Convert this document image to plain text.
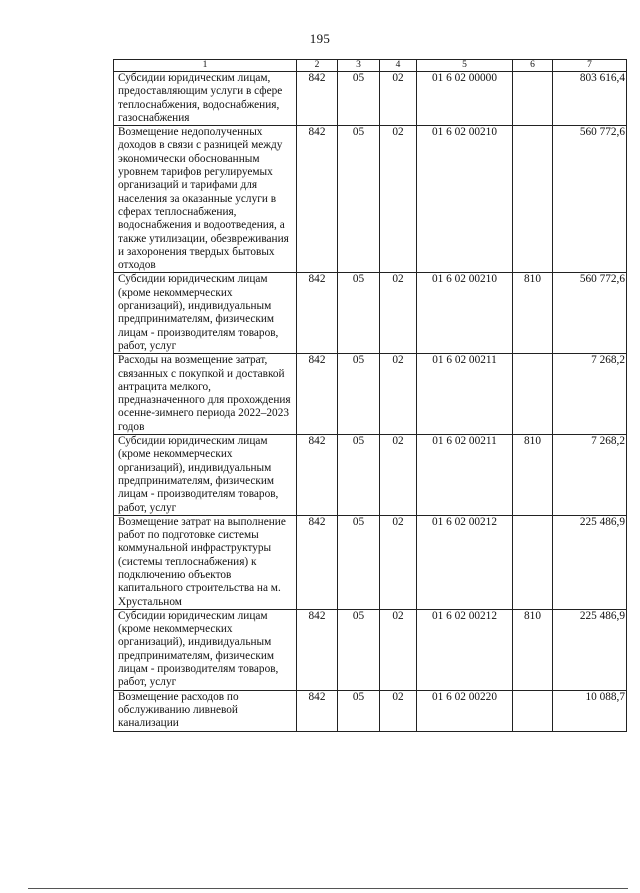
195
1	2	3	4	5	6	7
Субсидии юридическим лицам, предоставляющим услуги в сфере теплоснабжения, водоснабжения, газоснабжения	842	05	02	01 6 02 00000		803 616,4
Возмещение недополученных доходов в связи с разницей между экономически обоснованным уровнем тарифов регулируемых организаций и тарифами для населения за оказанные услуги в сферах теплоснабжения, водоснабжения и водоотведения, а также утилизации, обезвреживания и захоронения твердых бытовых отходов	842	05	02	01 6 02 00210		560 772,6
Субсидии юридическим лицам (кроме некоммерческих организаций), индивидуальным предпринимателям, физическим лицам - производителям товаров, работ, услуг	842	05	02	01 6 02 00210	810	560 772,6
Расходы на возмещение затрат, связанных с покупкой и доставкой антрацита мелкого, предназначенного для прохождения осенне-зимнего периода 2022–2023 годов	842	05	02	01 6 02 00211		7 268,2
Субсидии юридическим лицам (кроме некоммерческих организаций), индивидуальным предпринимателям, физическим лицам - производителям товаров, работ, услуг	842	05	02	01 6 02 00211	810	7 268,2
Возмещение затрат на выполнение работ по подготовке системы коммунальной инфраструктуры (системы теплоснабжения) к подключению объектов капитального строительства на м. Хрустальном	842	05	02	01 6 02 00212		225 486,9
Субсидии юридическим лицам (кроме некоммерческих организаций), индивидуальным предпринимателям, физическим лицам - производителям товаров, работ, услуг	842	05	02	01 6 02 00212	810	225 486,9
Возмещение расходов по обслуживанию ливневой канализации	842	05	02	01 6 02 00220		10 088,7
